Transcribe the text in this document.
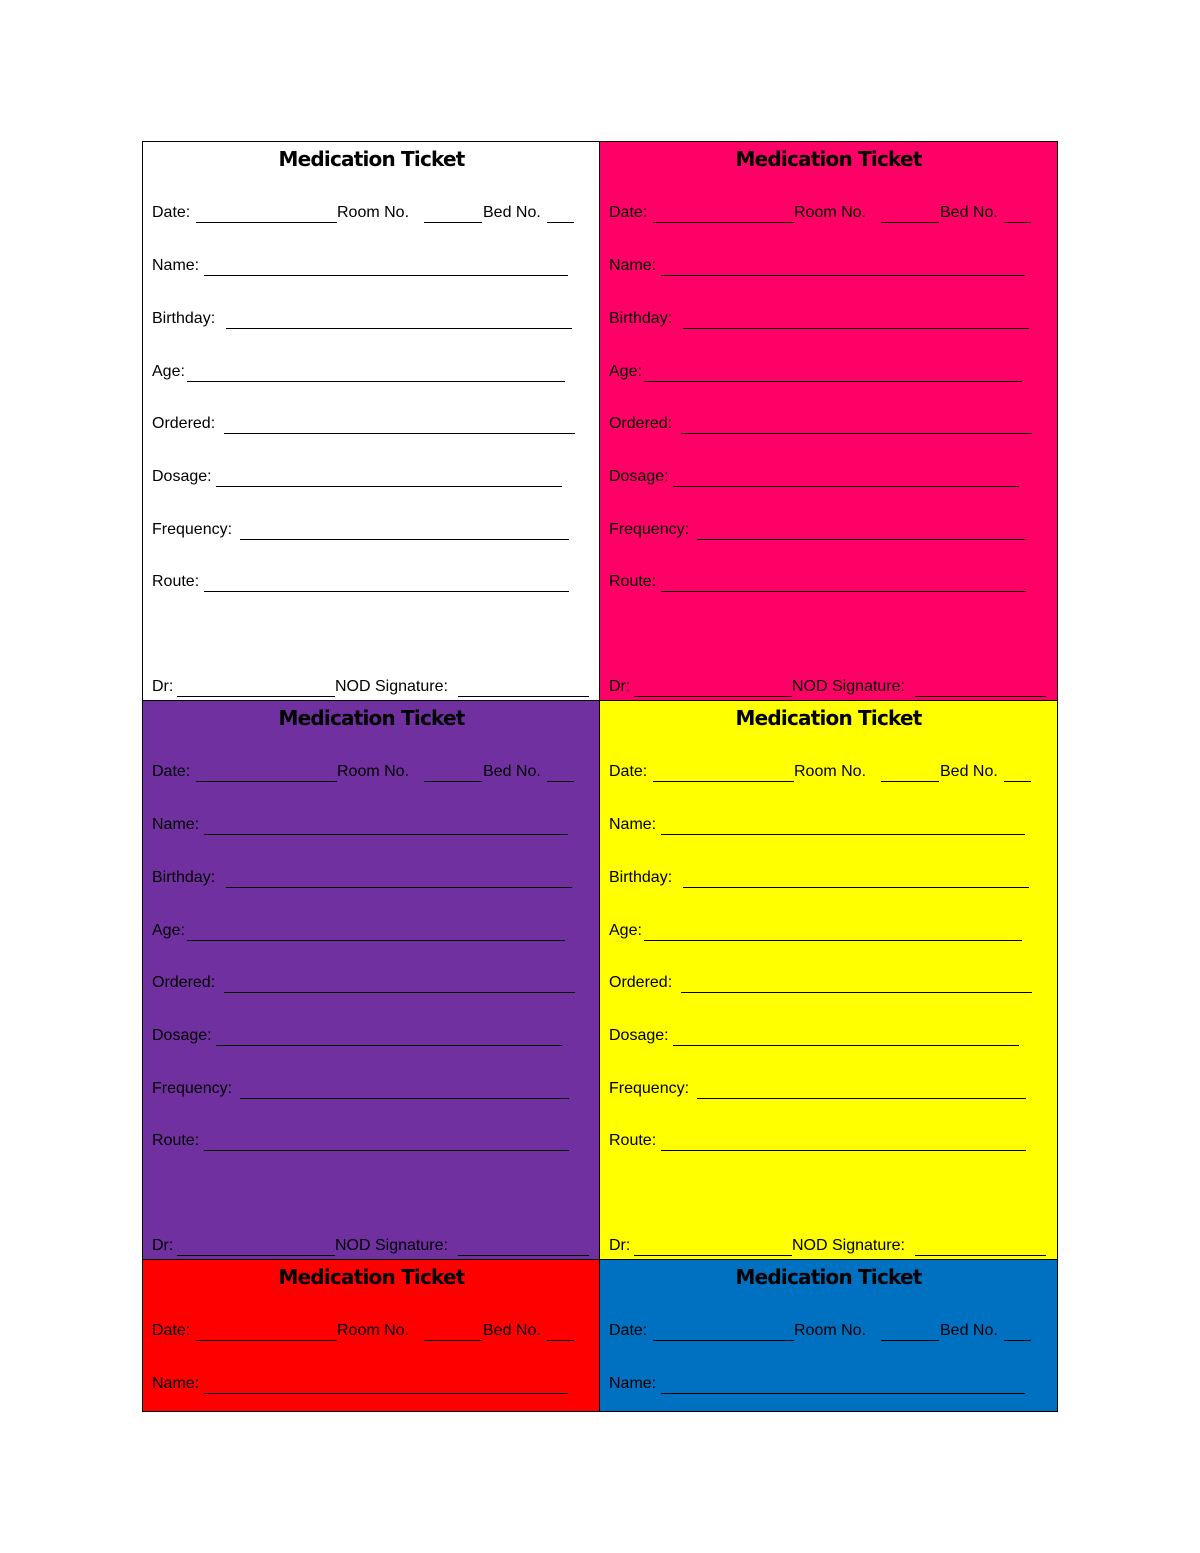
Medication Ticket
Date:	Room No.	Bed No.
Name:
Birthday:
Age:
Ordered:
Dosage:
Frequency:
Route:
Dr:	NOD Signature:
Medication Ticket
Date:	Room No.	Bed No.
Name:
Birthday:
Age:
Ordered:
Dosage:
Frequency:
Route:
Dr:	NOD Signature:
Medication Ticket
Date:	Room No.	Bed No.
Name:
Birthday:
Age:
Ordered:
Dosage:
Frequency:
Route:
Dr:	NOD Signature:
Medication Ticket
Date:	Room No.	Bed No.
Name:
Birthday:
Age:
Ordered:
Dosage:
Frequency:
Route:
Dr:	NOD Signature:
Medication Ticket
Date:	Room No.	Bed No.
Name:
Medication Ticket
Date:	Room No.	Bed No.
Name:
